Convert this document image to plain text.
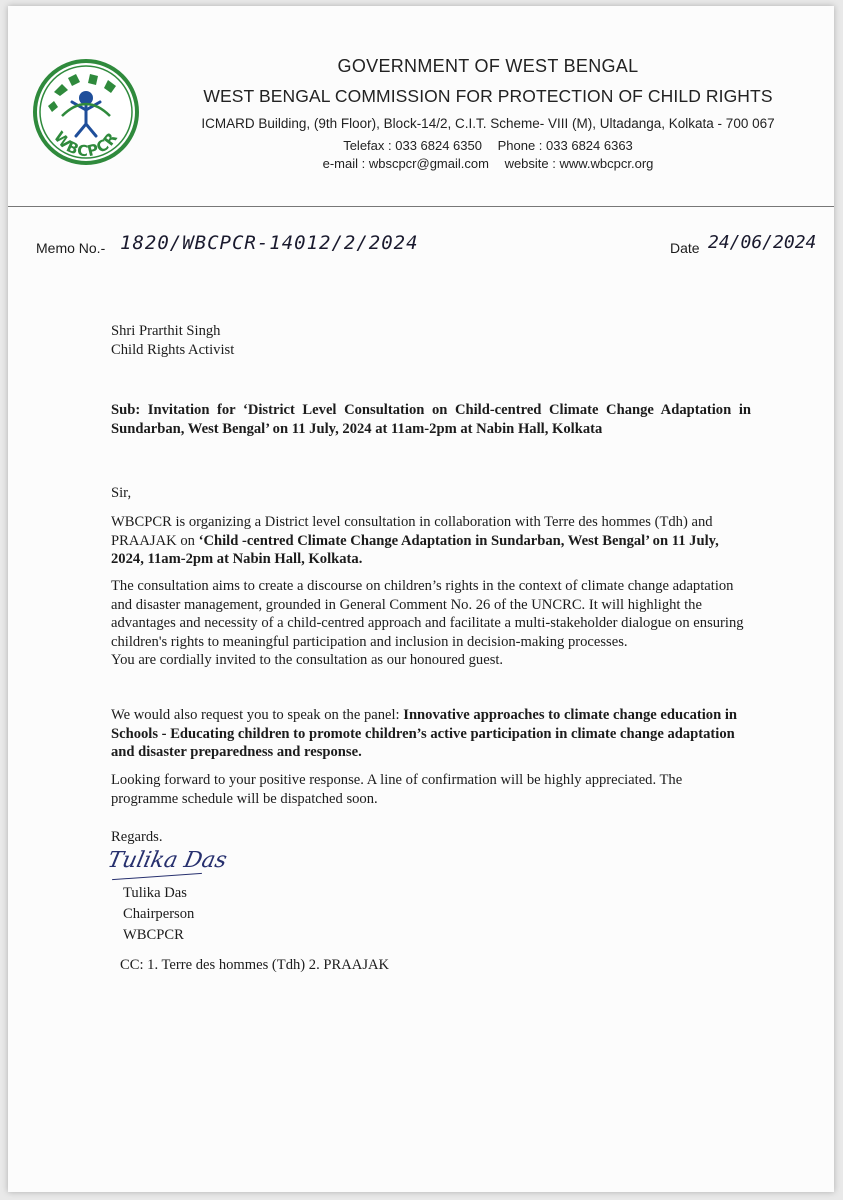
WBCPCR
GOVERNMENT OF WEST BENGAL
WEST BENGAL COMMISSION FOR PROTECTION OF CHILD RIGHTS
ICMARD Building, (9th Floor), Block-14/2, C.I.T. Scheme- VIII (M), Ultadanga, Kolkata - 700 067
Telefax : 033 6824 6350 Phone : 033 6824 6363
e-mail : wbscpcr@gmail.com website : www.wbcpcr.org
Memo No.- 1820/WBCPCR-14012/2/2024	Date 24/06/2024

Shri Prarthit Singh

Child Rights Activist

Sub: Invitation for ‘District Level Consultation on Child-centred Climate Change Adaptation in Sundarban, West Bengal’ on 11 July, 2024 at 11am-2pm at Nabin Hall, Kolkata

Sir,

WBCPCR is organizing a District level consultation in collaboration with Terre des hommes (Tdh) and PRAAJAK on ‘Child -centred Climate Change Adaptation in Sundarban, West Bengal’ on 11 July, 2024, 11am-2pm at Nabin Hall, Kolkata.

The consultation aims to create a discourse on children’s rights in the context of climate change adaptation and disaster management, grounded in General Comment No. 26 of the UNCRC. It will highlight the advantages and necessity of a child-centred approach and facilitate a multi-stakeholder dialogue on ensuring children's rights to meaningful participation and inclusion in decision-making processes.

You are cordially invited to the consultation as our honoured guest.

We would also request you to speak on the panel: Innovative approaches to climate change education in Schools - Educating children to promote children’s active participation in climate change adaptation and disaster preparedness and response.

Looking forward to your positive response. A line of confirmation will be highly appreciated. The programme schedule will be dispatched soon.

Regards.

Tulika Das

Tulika Das

Chairperson

WBCPCR

CC: 1. Terre des hommes (Tdh) 2. PRAAJAK
